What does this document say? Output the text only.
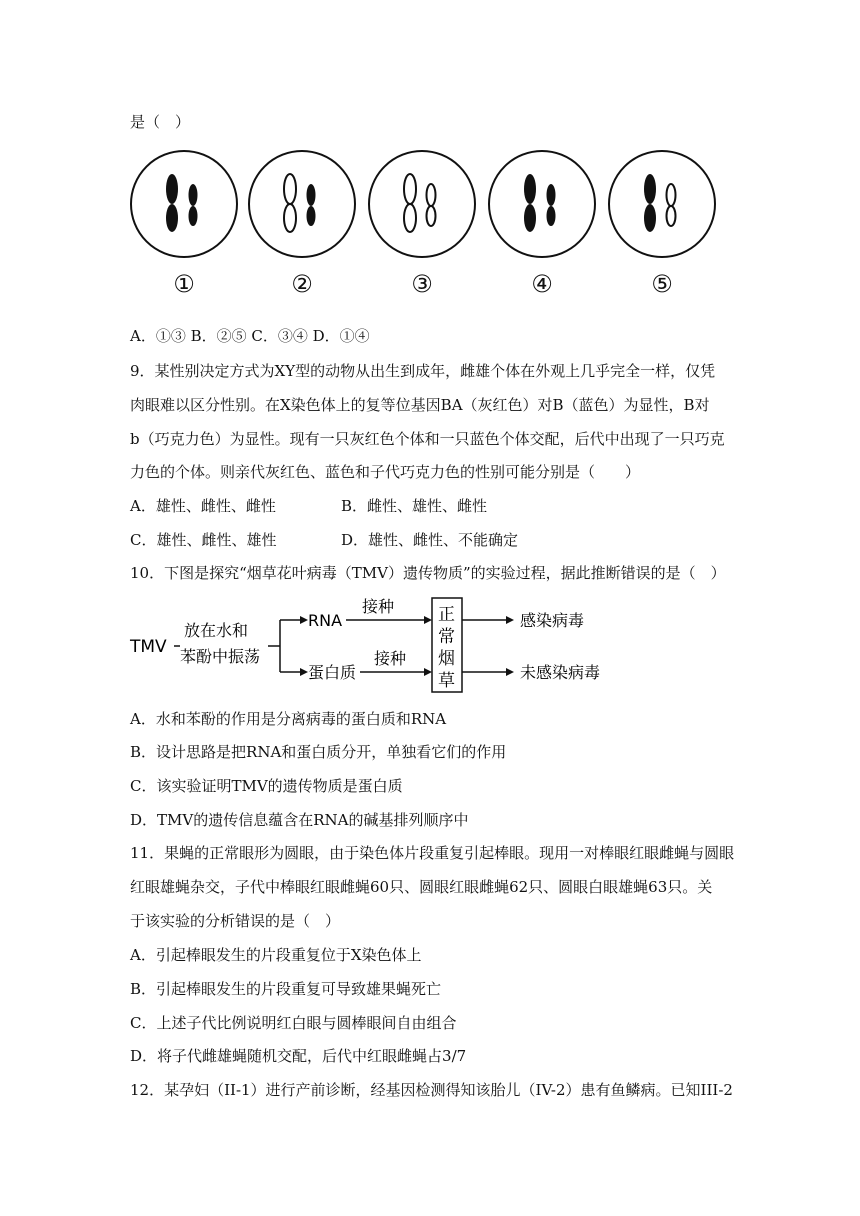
是（　）
①	②	③	④	⑤
A．①③ B．②⑤ C．③④ D．①④
9．某性别决定方式为XY型的动物从出生到成年，雌雄个体在外观上几乎完全一样，仅凭
肉眼难以区分性别。在X染色体上的复等位基因BA（灰红色）对B（蓝色）为显性，B对
b（巧克力色）为显性。现有一只灰红色个体和一只蓝色个体交配，后代中出现了一只巧克
力色的个体。则亲代灰红色、蓝色和子代巧克力色的性别可能分别是（　　）
A．雄性、雌性、雌性	B．雌性、雄性、雌性
C．雄性、雌性、雄性	D．雄性、雌性、不能确定
10．下图是探究“烟草花叶病毒（TMV）遗传物质”的实验过程，据此推断错误的是（　）
TMV
放在水和
苯酚中振荡
RNA
蛋白质
接种
接种
正
常
烟
草
感染病毒
未感染病毒
A．水和苯酚的作用是分离病毒的蛋白质和RNA
B．设计思路是把RNA和蛋白质分开，单独看它们的作用
C．该实验证明TMV的遗传物质是蛋白质
D．TMV的遗传信息蕴含在RNA的碱基排列顺序中
11．果蝇的正常眼形为圆眼，由于染色体片段重复引起棒眼。现用一对棒眼红眼雌蝇与圆眼
红眼雄蝇杂交，子代中棒眼红眼雌蝇60只、圆眼红眼雌蝇62只、圆眼白眼雄蝇63只。关
于该实验的分析错误的是（　）
A．引起棒眼发生的片段重复位于X染色体上
B．引起棒眼发生的片段重复可导致雄果蝇死亡
C．上述子代比例说明红白眼与圆棒眼间自由组合
D．将子代雌雄蝇随机交配，后代中红眼雌蝇占3/7
12．某孕妇（II-1）进行产前诊断，经基因检测得知该胎儿（IV-2）患有鱼鳞病。已知III-2
